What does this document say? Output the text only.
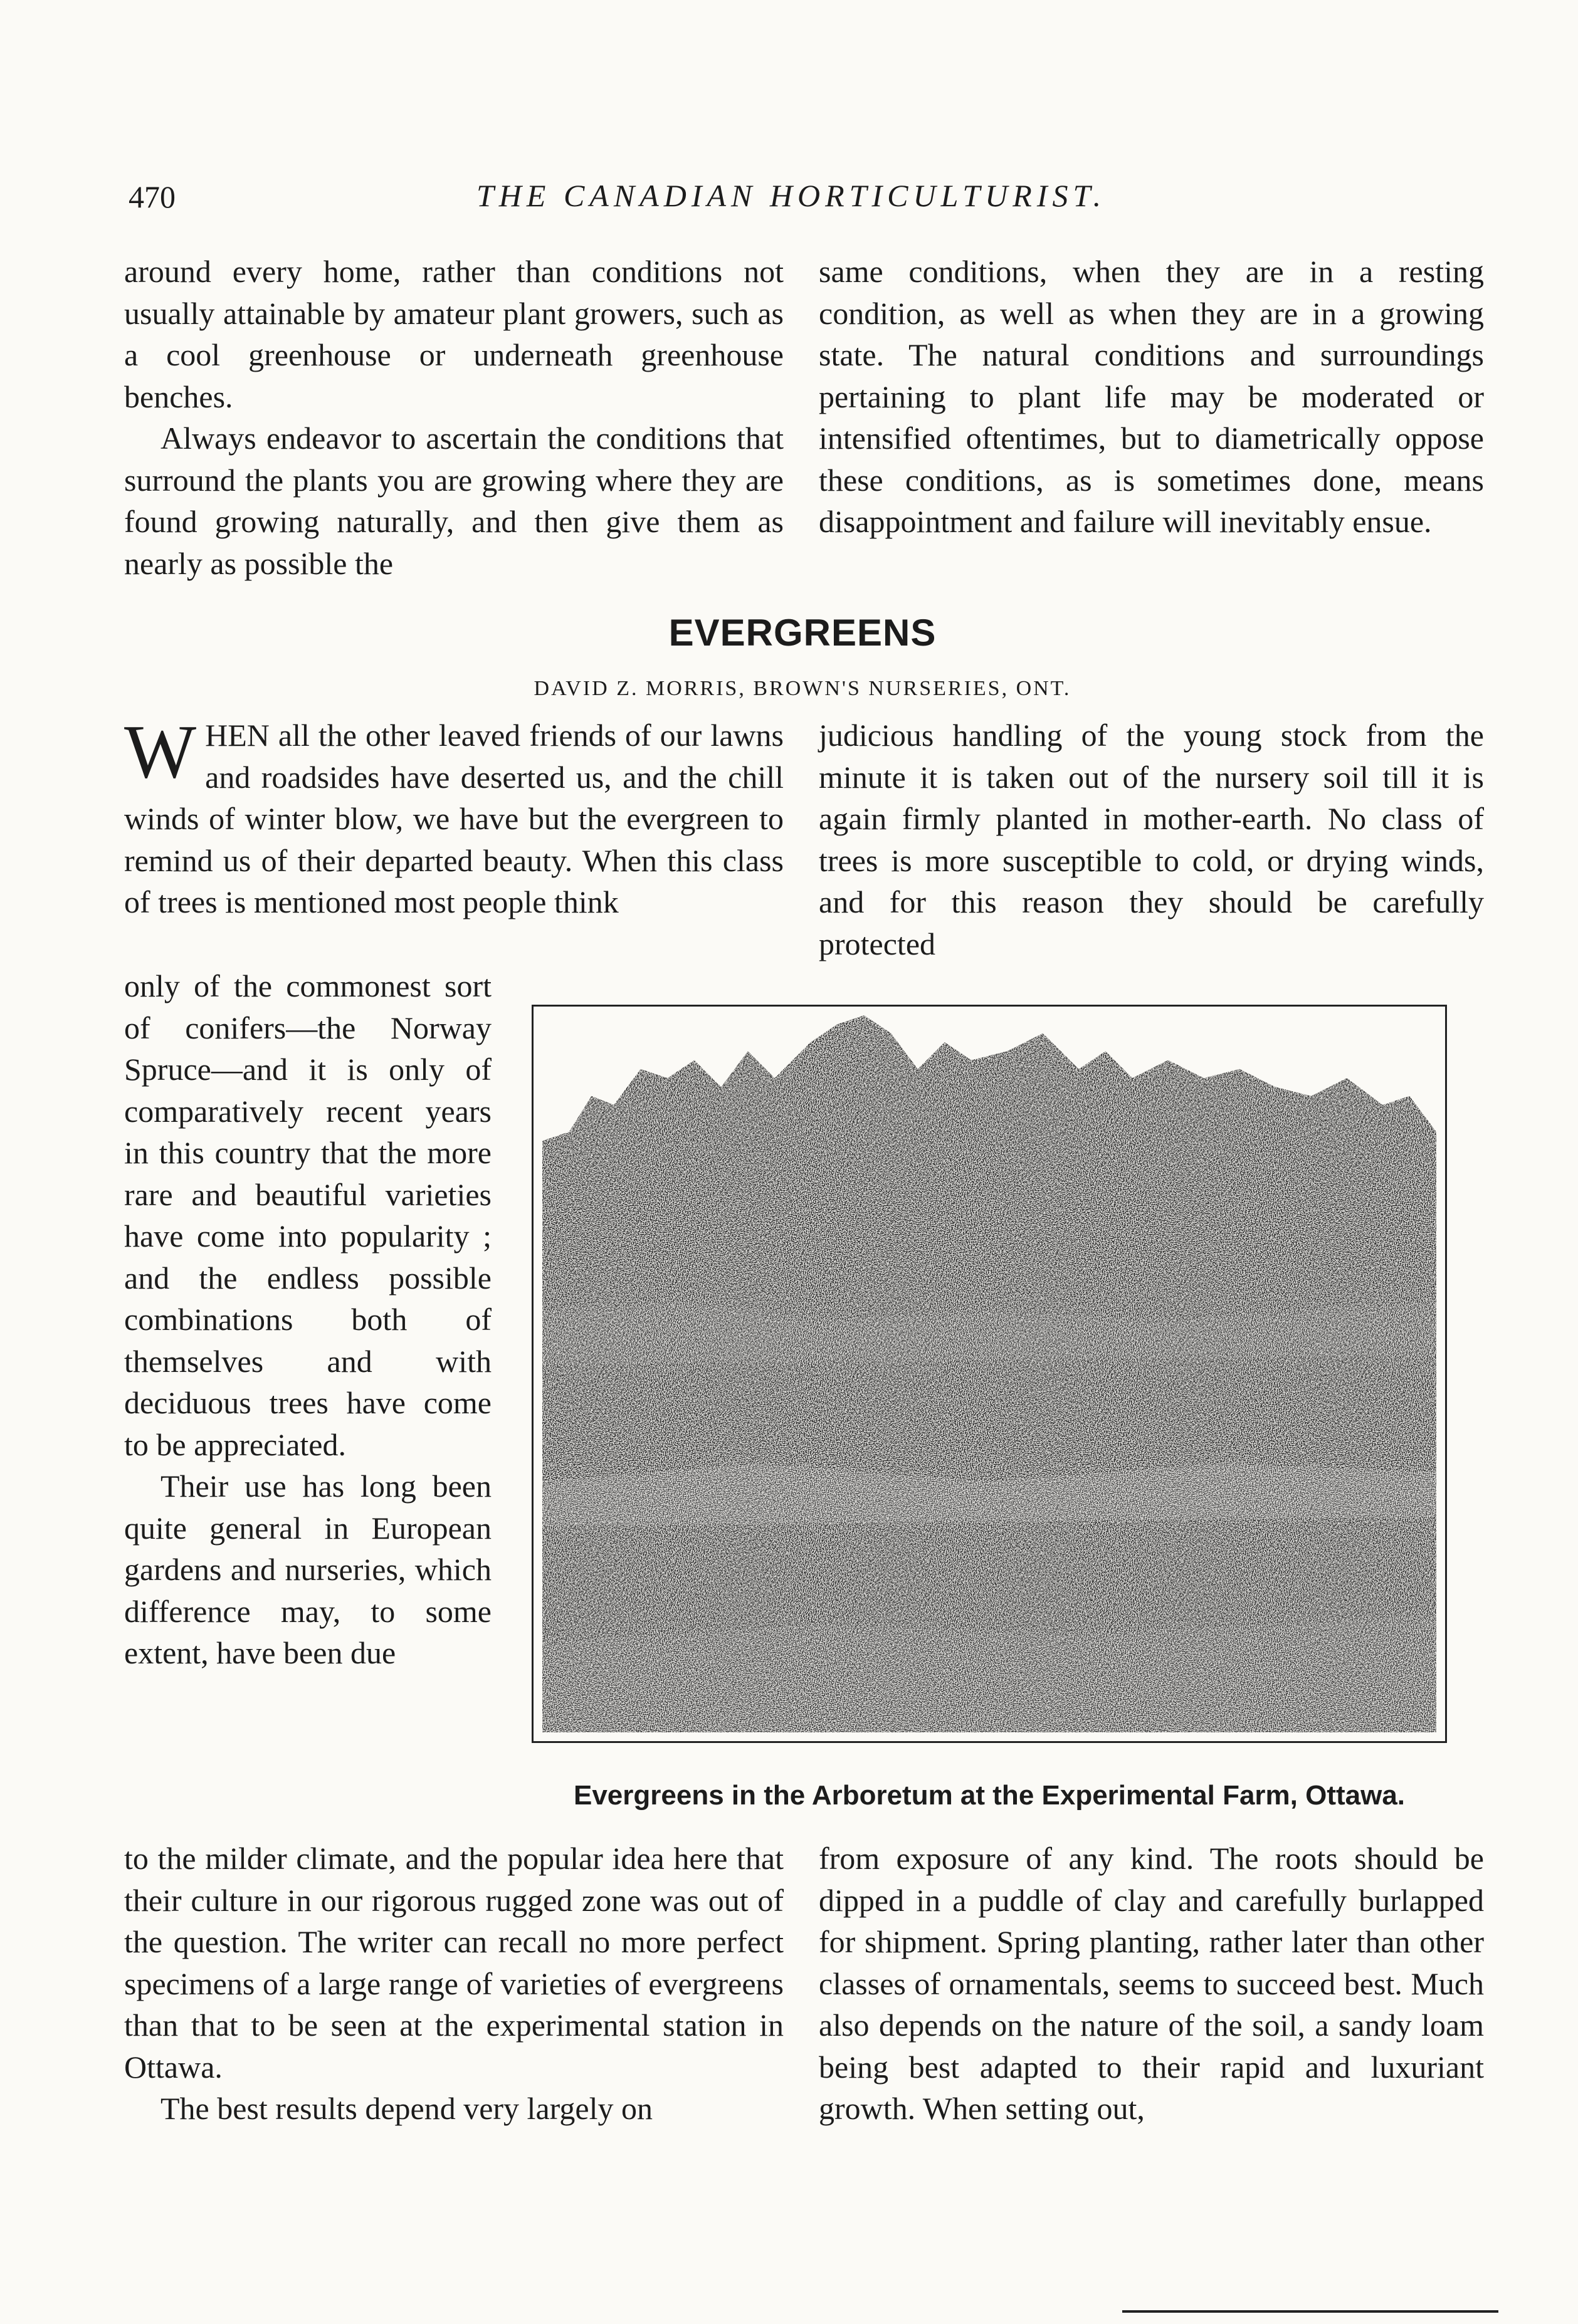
470	THE CANADIAN HORTICULTURIST.

around every home, rather than conditions not usually attainable by amateur plant growers, such as a cool greenhouse or underneath greenhouse benches.

Always endeavor to ascertain the conditions that surround the plants you are growing where they are found growing naturally, and then give them as nearly as possible the

same conditions, when they are in a resting condition, as well as when they are in a growing state. The natural conditions and surroundings pertaining to plant life may be moderated or intensified oftentimes, but to diametrically oppose these conditions, as is sometimes done, means disappointment and failure will inevitably ensue.

EVERGREENS
DAVID Z. MORRIS, BROWN'S NURSERIES, ONT.

WHEN all the other leaved friends of our lawns and roadsides have deserted us, and the chill winds of winter blow, we have but the evergreen to remind us of their departed beauty. When this class of trees is mentioned most people think

judicious handling of the young stock from the minute it is taken out of the nursery soil till it is again firmly planted in mother-earth. No class of trees is more susceptible to cold, or drying winds, and for this reason they should be carefully protected

only of the commonest sort of conifers—the Norway Spruce—and it is only of comparatively recent years in this country that the more rare and beautiful varieties have come into popularity ; and the endless possible combinations both of themselves and with deciduous trees have come to be appreciated.

Their use has long been quite general in European gardens and nurseries, which difference may, to some extent, have been due

Evergreens in the Arboretum at the Experimental Farm, Ottawa.

to the milder climate, and the popular idea here that their culture in our rigorous rugged zone was out of the question. The writer can recall no more perfect specimens of a large range of varieties of evergreens than that to be seen at the experimental station in Ottawa.

The best results depend very largely on

from exposure of any kind. The roots should be dipped in a puddle of clay and carefully burlapped for shipment. Spring planting, rather later than other classes of ornamentals, seems to succeed best. Much also depends on the nature of the soil, a sandy loam being best adapted to their rapid and luxuriant growth. When setting out,
